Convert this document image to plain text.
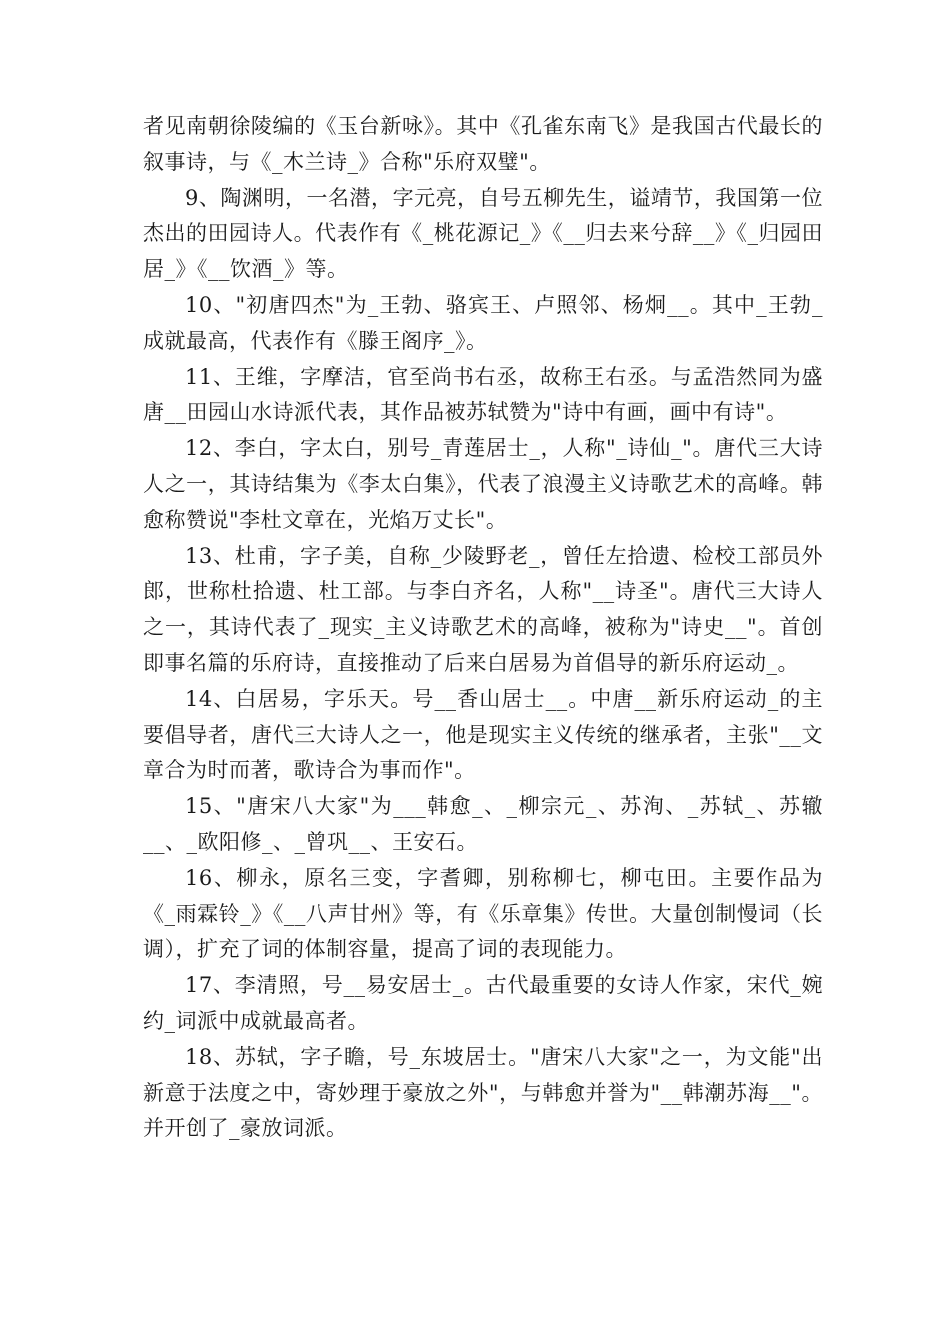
者见南朝徐陵编的《玉台新咏》。其中《孔雀东南飞》是我国古代最长的叙事诗，与《_木兰诗_》合称"乐府双璧"。

9、陶渊明，一名潜，字元亮，自号五柳先生，谥靖节，我国第一位杰出的田园诗人。代表作有《_桃花源记_》《__归去来兮辞__》《_归园田居_》《__饮酒_》等。

10、"初唐四杰"为_王勃、骆宾王、卢照邻、杨炯__。其中_王勃_成就最高，代表作有《滕王阁序_》。

11、王维，字摩洁，官至尚书右丞，故称王右丞。与孟浩然同为盛唐__田园山水诗派代表，其作品被苏轼赞为"诗中有画，画中有诗"。

12、李白，字太白，别号_青莲居士_，人称"_诗仙_"。唐代三大诗人之一，其诗结集为《李太白集》，代表了浪漫主义诗歌艺术的高峰。韩愈称赞说"李杜文章在，光焰万丈长"。

13、杜甫，字子美，自称_少陵野老_，曾任左拾遗、检校工部员外郎，世称杜拾遗、杜工部。与李白齐名，人称"__诗圣"。唐代三大诗人之一，其诗代表了_现实_主义诗歌艺术的高峰，被称为"诗史__"。首创即事名篇的乐府诗，直接推动了后来白居易为首倡导的新乐府运动_。

14、白居易，字乐天。号__香山居士__。中唐__新乐府运动_的主要倡导者，唐代三大诗人之一，他是现实主义传统的继承者，主张"__文章合为时而著，歌诗合为事而作"。

15、"唐宋八大家"为___韩愈_、_柳宗元_、苏洵、_苏轼_、苏辙__、_欧阳修_、_曾巩__、王安石。

16、柳永，原名三变，字耆卿，别称柳七，柳屯田。主要作品为《_雨霖铃_》《__八声甘州》等，有《乐章集》传世。大量创制慢词（长调），扩充了词的体制容量，提高了词的表现能力。

17、李清照，号__易安居士_。古代最重要的女诗人作家，宋代_婉约_词派中成就最高者。

18、苏轼，字子瞻，号_东坡居士。"唐宋八大家"之一，为文能"出新意于法度之中，寄妙理于豪放之外"，与韩愈并誉为"__韩潮苏海__"。并开创了_豪放词派。
